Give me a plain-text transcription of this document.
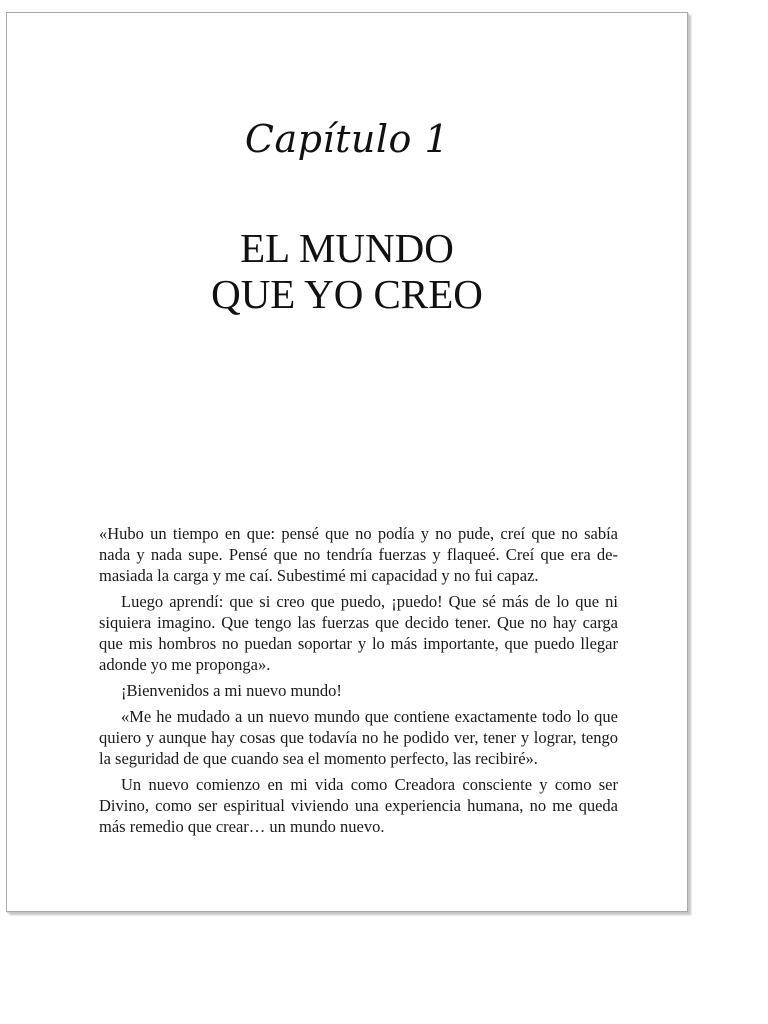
Capítulo 1
EL MUNDO
QUE YO CREO

«Hubo un tiempo en que: pensé que no podía y no pude, creí que no sabía nada y nada supe. Pensé que no tendría fuerzas y flaqueé. Creí que era demasiada la carga y me caí. Subestimé mi capacidad y no fui capaz.

Luego aprendí: que si creo que puedo, ¡puedo! Que sé más de lo que ni siquiera imagino. Que tengo las fuerzas que decido tener. Que no hay carga que mis hombros no puedan soportar y lo más importante, que puedo llegar adonde yo me proponga».

¡Bienvenidos a mi nuevo mundo!

«Me he mudado a un nuevo mundo que contiene exactamente todo lo que quiero y aunque hay cosas que todavía no he podido ver, tener y lograr, tengo la seguridad de que cuando sea el momento perfecto, las recibiré».

Un nuevo comienzo en mi vida como Creadora consciente y como ser Divino, como ser espiritual viviendo una experiencia humana, no me queda más remedio que crear… un mundo nuevo.
